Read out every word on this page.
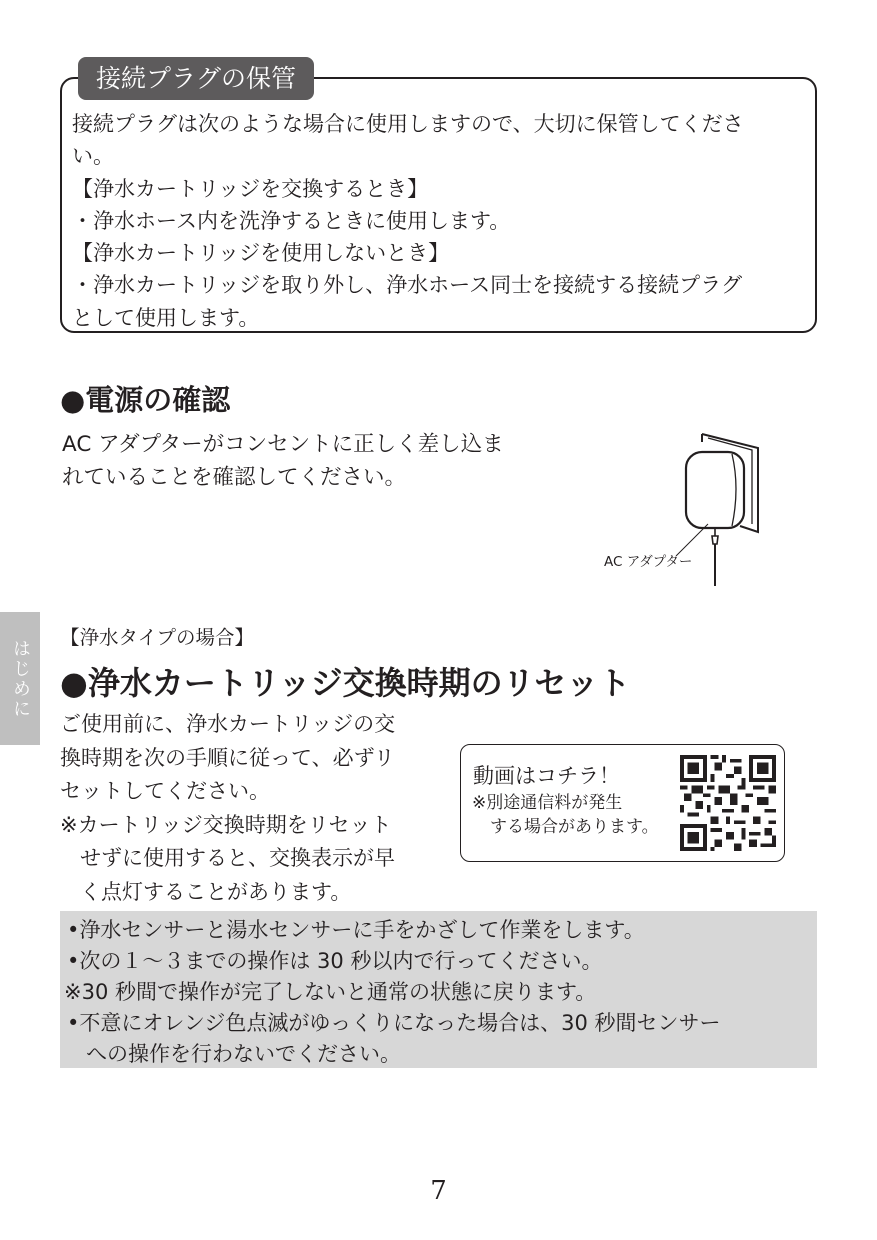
接続プラグの保管
接続プラグは次のような場合に使用しますので、大切に保管してくださ
い。
【浄水カートリッジを交換するとき】
・浄水ホース内を洗浄するときに使用します。
【浄水カートリッジを使用しないとき】
・浄水カートリッジを取り外し、浄水ホース同士を接続する接続プラグ
として使用します。
●電源の確認
AC アダプターがコンセントに正しく差し込ま
れていることを確認してください。
AC アダプター
はじめに
【浄水タイプの場合】
●浄水カートリッジ交換時期のリセット
ご使用前に、浄水カートリッジの交
換時期を次の手順に従って、必ずリ
セットしてください。
※カートリッジ交換時期をリセット
せずに使用すると、交換表示が早
く点灯することがあります。
動画はコチラ！
※別途通信料が発生
する場合があります。
•浄水センサーと湯水センサーに手をかざして作業をします。
•次の１～３までの操作は 30 秒以内で行ってください。
※30 秒間で操作が完了しないと通常の状態に戻ります。
•不意にオレンジ色点滅がゆっくりになった場合は、30 秒間センサー
への操作を行わないでください。
7
